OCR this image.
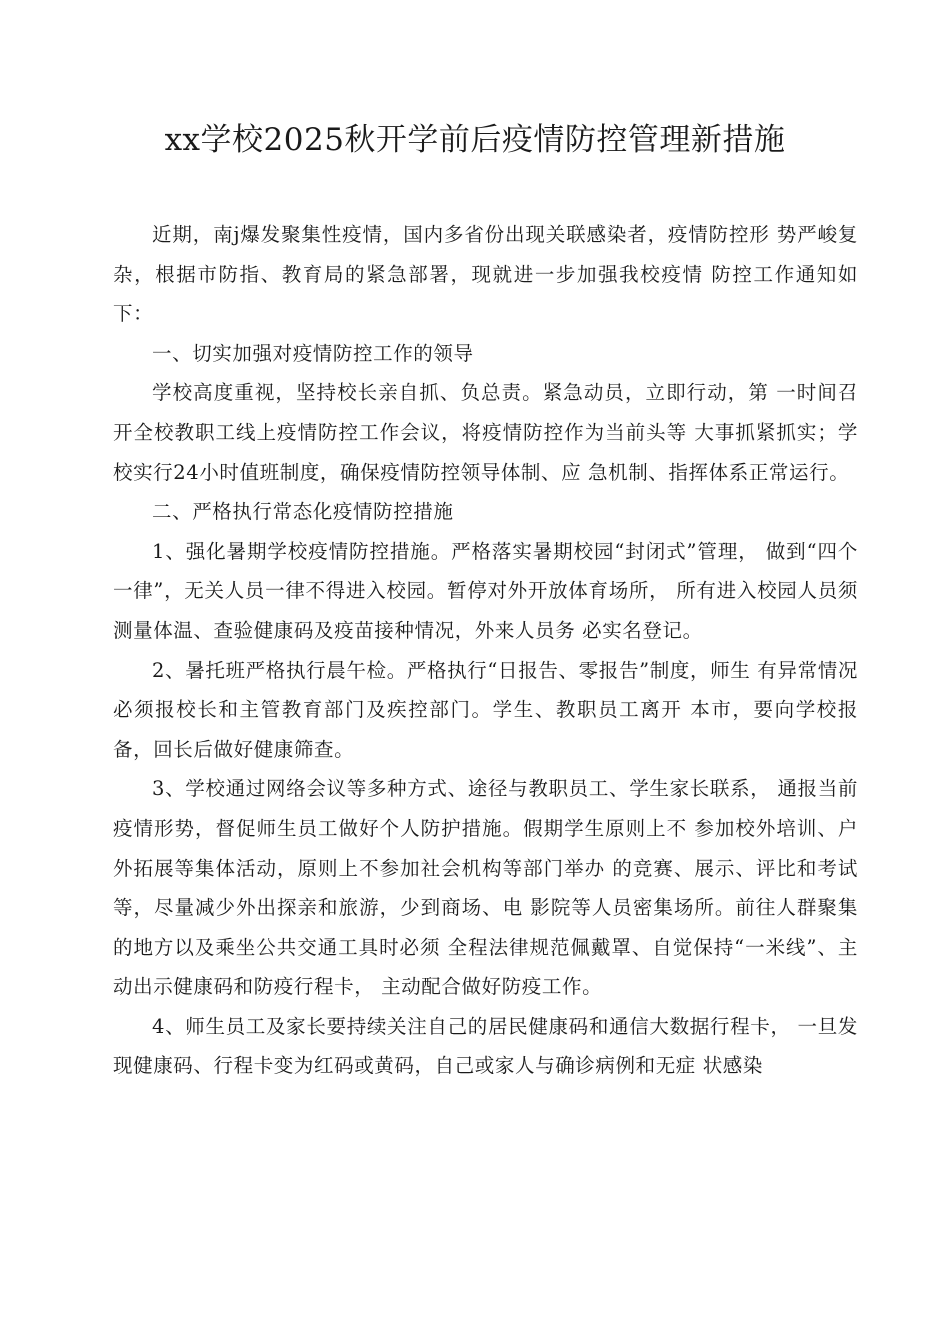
xx学校2025秋开学前后疫情防控管理新措施

近期，南j爆发聚集性疫情，国内多省份出现关联感染者，疫情防控形 势严峻复杂，根据市防指、教育局的紧急部署，现就进一步加强我校疫情 防控工作通知如下：

一、切实加强对疫情防控工作的领导

学校高度重视，坚持校长亲自抓、负总责。紧急动员，立即行动，第 一时间召开全校教职工线上疫情防控工作会议，将疫情防控作为当前头等 大事抓紧抓实；学校实行24小时值班制度，确保疫情防控领导体制、应 急机制、指挥体系正常运行。

二、严格执行常态化疫情防控措施

1、强化暑期学校疫情防控措施。严格落实暑期校园“封闭式”管理， 做到“四个一律”，无关人员一律不得进入校园。暂停对外开放体育场所， 所有进入校园人员须测量体温、查验健康码及疫苗接种情况，外来人员务 必实名登记。

2、暑托班严格执行晨午检。严格执行“日报告、零报告”制度，师生 有异常情况必须报校长和主管教育部门及疾控部门。学生、教职员工离开 本市，要向学校报备，回长后做好健康筛查。

3、学校通过网络会议等多种方式、途径与教职员工、学生家长联系， 通报当前疫情形势，督促师生员工做好个人防护措施。假期学生原则上不 参加校外培训、户外拓展等集体活动，原则上不参加社会机构等部门举办 的竞赛、展示、评比和考试等，尽量减少外出探亲和旅游，少到商场、电 影院等人员密集场所。前往人群聚集的地方以及乘坐公共交通工具时必须 全程法律规范佩戴罩、自觉保持“一米线”、主动出示健康码和防疫行程卡， 主动配合做好防疫工作。

4、师生员工及家长要持续关注自己的居民健康码和通信大数据行程卡， 一旦发现健康码、行程卡变为红码或黄码，自己或家人与确诊病例和无症 状感染
